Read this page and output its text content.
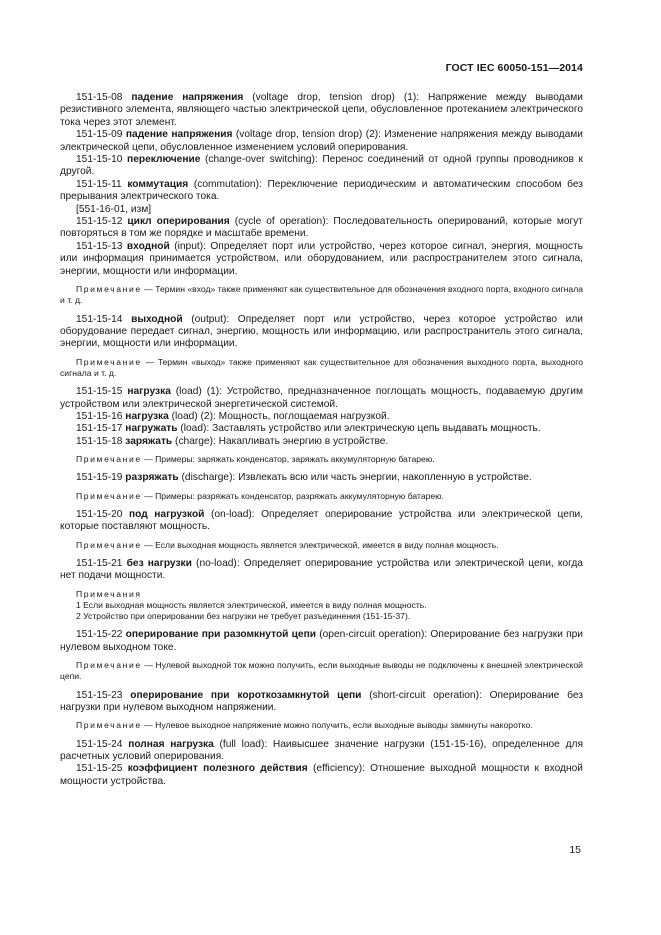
ГОСТ IEC 60050-151—2014

151-15-08 падение напряжения (voltage drop, tension drop) (1): Напряжение между выводами резистивного элемента, являющего частью электрической цепи, обусловленное протеканием электрического тока через этот элемент.

151-15-09 падение напряжения (voltage drop, tension drop) (2): Изменение напряжения между выводами электрической цепи, обусловленное изменением условий оперирования.

151-15-10 переключение (change-over switching): Перенос соединений от одной группы проводников к другой.

151-15-11 коммутация (commutation): Переключение периодическим и автоматическим способом без прерывания электрического тока.

[551-16-01, изм]

151-15-12 цикл оперирования (cycle of operation): Последовательность оперирований, которые могут повторяться в том же порядке и масштабе времени.

151-15-13 входной (input): Определяет порт или устройство, через которое сигнал, энергия, мощность или информация принимается устройством, или оборудованием, или распространителем этого сигнала, энергии, мощности или информации.

Примечание — Термин «вход» также применяют как существительное для обозначения входного порта, входного сигнала и т. д.

151-15-14 выходной (output): Определяет порт или устройство, через которое устройство или оборудование передает сигнал, энергию, мощность или информацию, или распространитель этого сигнала, энергии, мощности или информации.

Примечание — Термин «выход» также применяют как существительное для обозначения выходного порта, выходного сигнала и т. д.

151-15-15 нагрузка (load) (1): Устройство, предназначенное поглощать мощность, подаваемую другим устройством или электрической энергетической системой.

151-15-16 нагрузка (load) (2): Мощность, поглощаемая нагрузкой.

151-15-17 нагружать (load): Заставлять устройство или электрическую цепь выдавать мощность.

151-15-18 заряжать (charge): Накапливать энергию в устройстве.

Примечание — Примеры: заряжать конденсатор, заряжать аккумуляторную батарею.

151-15-19 разряжать (discharge): Извлекать всю или часть энергии, накопленную в устройстве.

Примечание — Примеры: разряжать конденсатор, разряжать аккумуляторную батарею.

151-15-20 под нагрузкой (on-load): Определяет оперирование устройства или электрической цепи, которые поставляют мощность.

Примечание — Если выходная мощность является электрической, имеется в виду полная мощность.

151-15-21 без нагрузки (no-load): Определяет оперирование устройства или электрической цепи, когда нет подачи мощности.

Примечания
1 Если выходная мощность является электрической, имеется в виду полная мощность.
2 Устройство при оперировании без нагрузки не требует разъединения (151-15-37).

151-15-22 оперирование при разомкнутой цепи (open-circuit operation): Оперирование без нагрузки при нулевом выходном токе.

Примечание — Нулевой выходной ток можно получить, если выходные выводы не подключены к внешней электрической цепи.

151-15-23 оперирование при короткозамкнутой цепи (short-circuit operation): Оперирование без нагрузки при нулевом выходном напряжении.

Примечание — Нулевое выходное напряжение можно получить, если выходные выводы замкнуты накоротко.

151-15-24 полная нагрузка (full load): Наивысшее значение нагрузки (151-15-16), определенное для расчетных условий оперирования.

151-15-25 коэффициент полезного действия (efficiency): Отношение выходной мощности к входной мощности устройства.

15
